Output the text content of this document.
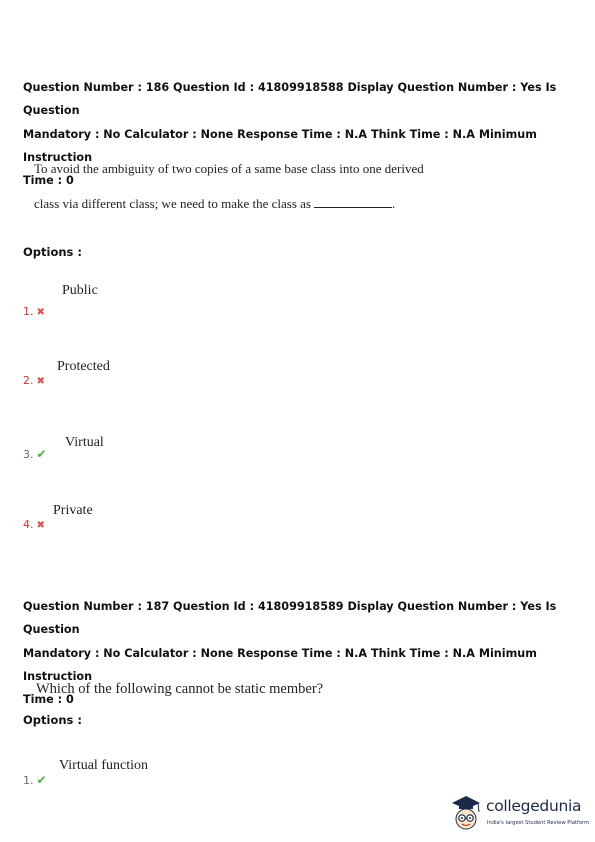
Question Number : 186 Question Id : 41809918588 Display Question Number : Yes Is Question
Mandatory : No Calculator : None Response Time : N.A Think Time : N.A Minimum Instruction
Time : 0
To avoid the ambiguity of two copies of a same base class into one derived
class via different class; we need to make the class as	.
Options :
Public
1. ✖
Protected
2. ✖
Virtual
3. ✔
Private
4. ✖
Question Number : 187 Question Id : 41809918589 Display Question Number : Yes Is Question
Mandatory : No Calculator : None Response Time : N.A Think Time : N.A Minimum Instruction
Time : 0
Which of the following cannot be static member?
Options :
Virtual function
1. ✔
collegedunia
India's largest Student Review Platform
